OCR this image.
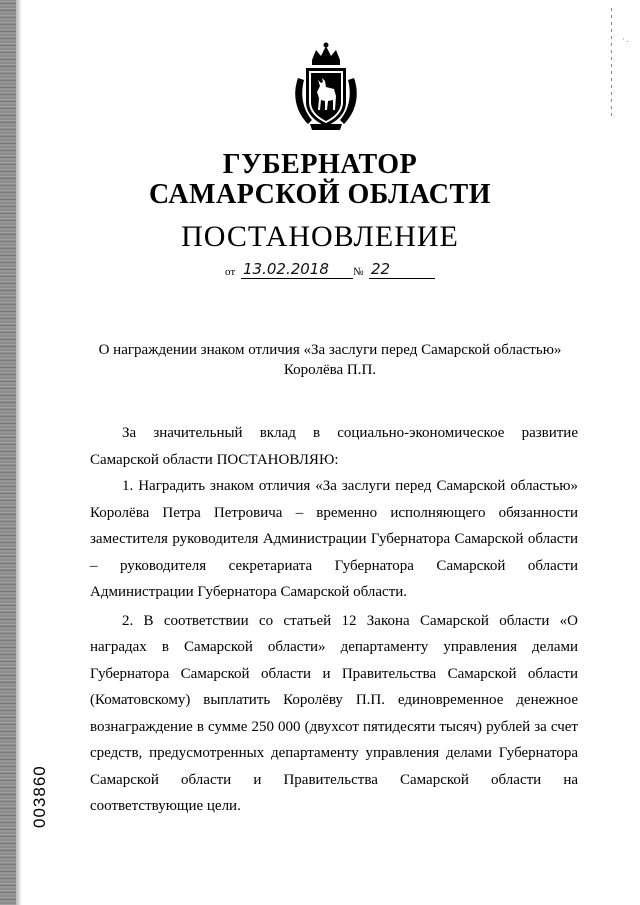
· .
ГУБЕРНАТОР
САМАРСКОЙ ОБЛАСТИ
ПОСТАНОВЛЕНИЕ
от 13.02.2018	№ 22
О награждении знаком отличия «За заслуги перед Самарской областью»
Королёва П.П.

За значительный вклад в социально-экономическое развитие Самарской области ПОСТАНОВЛЯЮ:

1. Наградить знаком отличия «За заслуги перед Самарской областью» Королёва Петра Петровича – временно исполняющего обязанности заместителя руководителя Администрации Губернатора Самарской области – руководителя секретариата Губернатора Самарской области Администрации Губернатора Самарской области.

2. В соответствии со статьей 12 Закона Самарской области «О наградах в Самарской области» департаменту управления делами Губернатора Самарской области и Правительства Самарской области (Коматовскому) выплатить Королёву П.П. единовременное денежное вознаграждение в сумме 250 000 (двухсот пятидесяти тысяч) рублей за счет средств, предусмотренных департаменту управления делами Губернатора Самарской области и Правительства Самарской области на соответствующие цели.

003860
